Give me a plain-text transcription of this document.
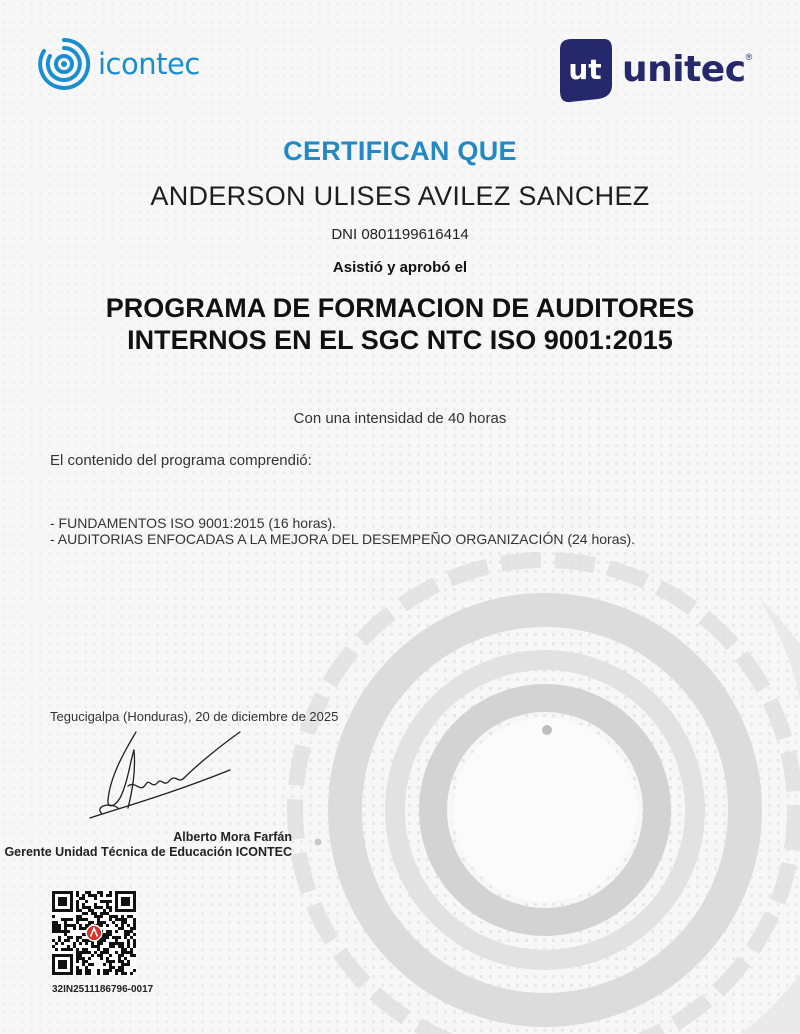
icontec	ut unitec ®
CERTIFICAN QUE
ANDERSON ULISES AVILEZ SANCHEZ
DNI 0801199616414
Asistió y aprobó el
PROGRAMA DE FORMACION DE AUDITORES
INTERNOS EN EL SGC NTC ISO 9001:2015
Con una intensidad de 40 horas
El contenido del programa comprendió:
- FUNDAMENTOS ISO 9001:2015 (16 horas).
- AUDITORIAS ENFOCADAS A LA MEJORA DEL DESEMPEÑO ORGANIZACIÓN (24 horas).
Tegucigalpa (Honduras), 20 de diciembre de 2025
Alberto Mora Farfán
Gerente Unidad Técnica de Educación ICONTEC
32IN2511186796-0017
